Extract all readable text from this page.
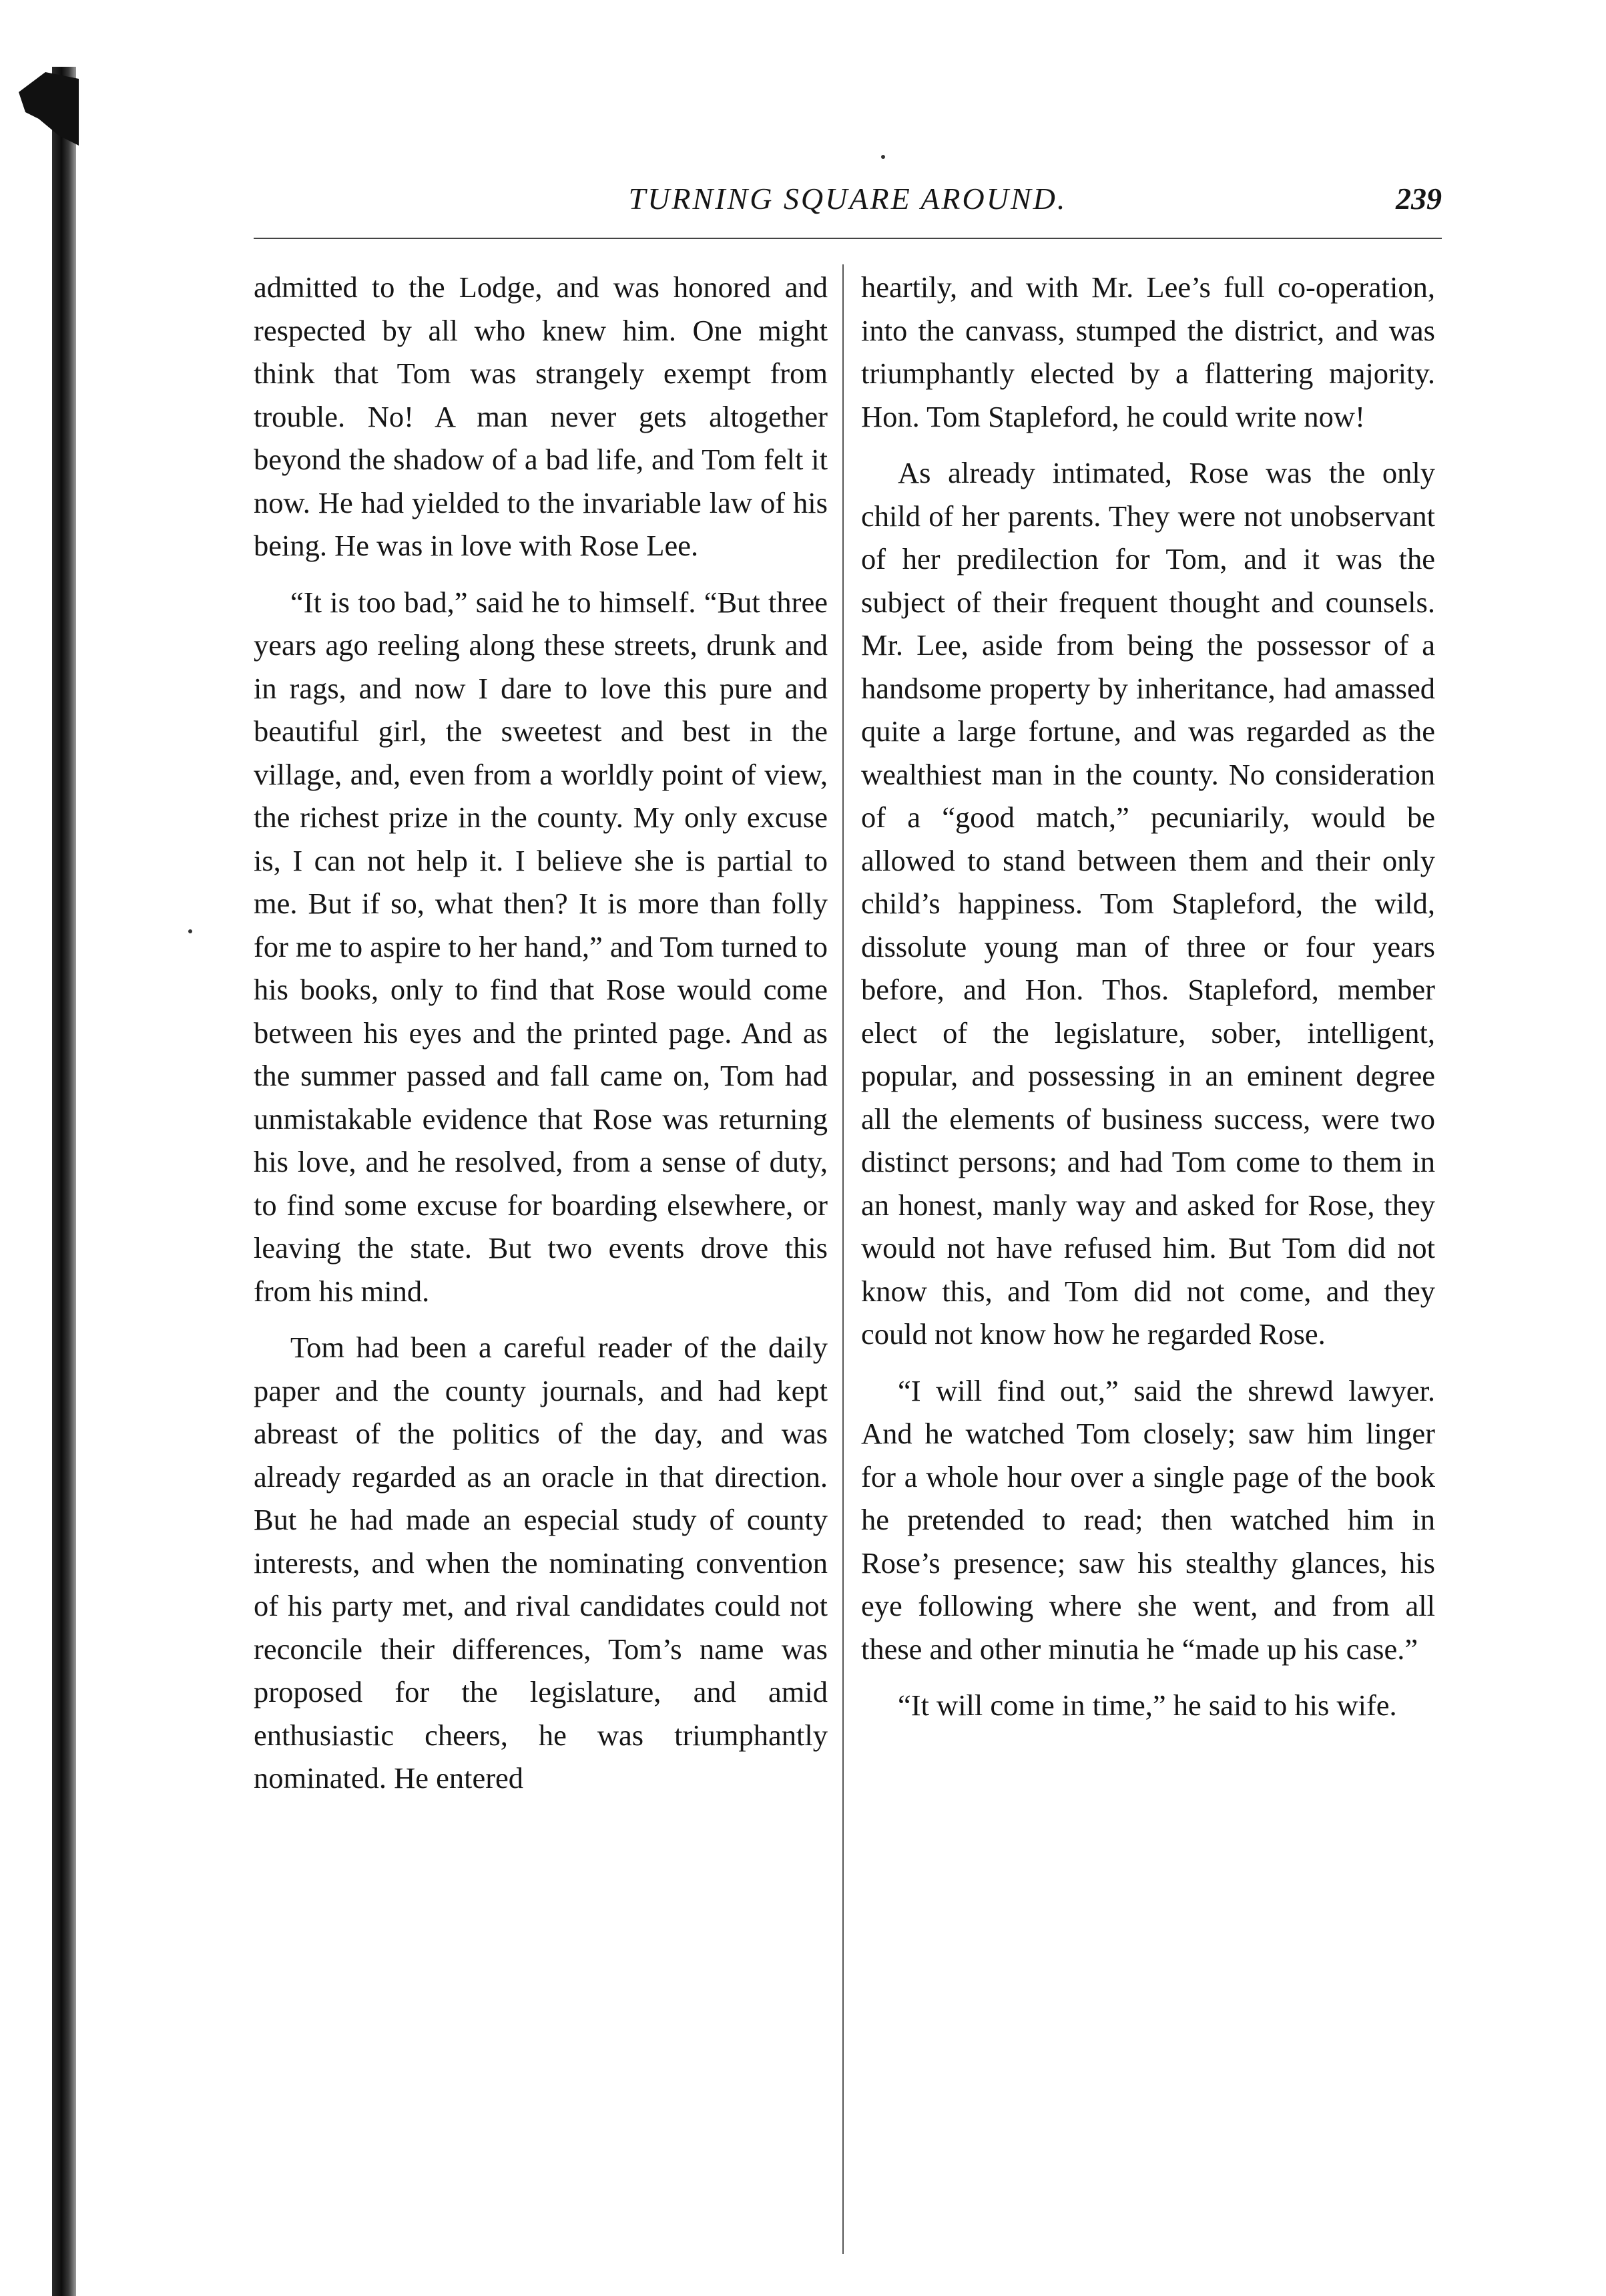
TURNING SQUARE AROUND.	239

admitted to the Lodge, and was honored and respected by all who knew him. One might think that Tom was strangely exempt from trouble. No! A man never gets altogether beyond the shadow of a bad life, and Tom felt it now. He had yielded to the invariable law of his being. He was in love with Rose Lee.

“It is too bad,” said he to himself. “But three years ago reeling along these streets, drunk and in rags, and now I dare to love this pure and beautiful girl, the sweetest and best in the village, and, even from a worldly point of view, the richest prize in the county. My only excuse is, I can not help it. I believe she is partial to me. But if so, what then? It is more than folly for me to aspire to her hand,” and Tom turned to his books, only to find that Rose would come between his eyes and the printed page. And as the summer passed and fall came on, Tom had unmistakable evidence that Rose was returning his love, and he resolved, from a sense of duty, to find some excuse for boarding elsewhere, or leaving the state. But two events drove this from his mind.

Tom had been a careful reader of the daily paper and the county journals, and had kept abreast of the politics of the day, and was already regarded as an oracle in that direction. But he had made an especial study of county interests, and when the nominating convention of his party met, and rival candidates could not reconcile their differences, Tom’s name was proposed for the legislature, and amid enthusiastic cheers, he was triumphantly nominated. He entered

heartily, and with Mr. Lee’s full co-operation, into the canvass, stumped the district, and was triumphantly elected by a flattering majority. Hon. Tom Stapleford, he could write now!

As already intimated, Rose was the only child of her parents. They were not unobservant of her predilection for Tom, and it was the subject of their frequent thought and counsels. Mr. Lee, aside from being the possessor of a handsome property by inheritance, had amassed quite a large fortune, and was regarded as the wealthiest man in the county. No consideration of a “good match,” pecuniarily, would be allowed to stand between them and their only child’s happiness. Tom Stapleford, the wild, dissolute young man of three or four years before, and Hon. Thos. Stapleford, member elect of the legislature, sober, intelligent, popular, and possessing in an eminent degree all the elements of business success, were two distinct persons; and had Tom come to them in an honest, manly way and asked for Rose, they would not have refused him. But Tom did not know this, and Tom did not come, and they could not know how he regarded Rose.

“I will find out,” said the shrewd lawyer. And he watched Tom closely; saw him linger for a whole hour over a single page of the book he pretended to read; then watched him in Rose’s presence; saw his stealthy glances, his eye following where she went, and from all these and other minutia he “made up his case.”

“It will come in time,” he said to his wife.
